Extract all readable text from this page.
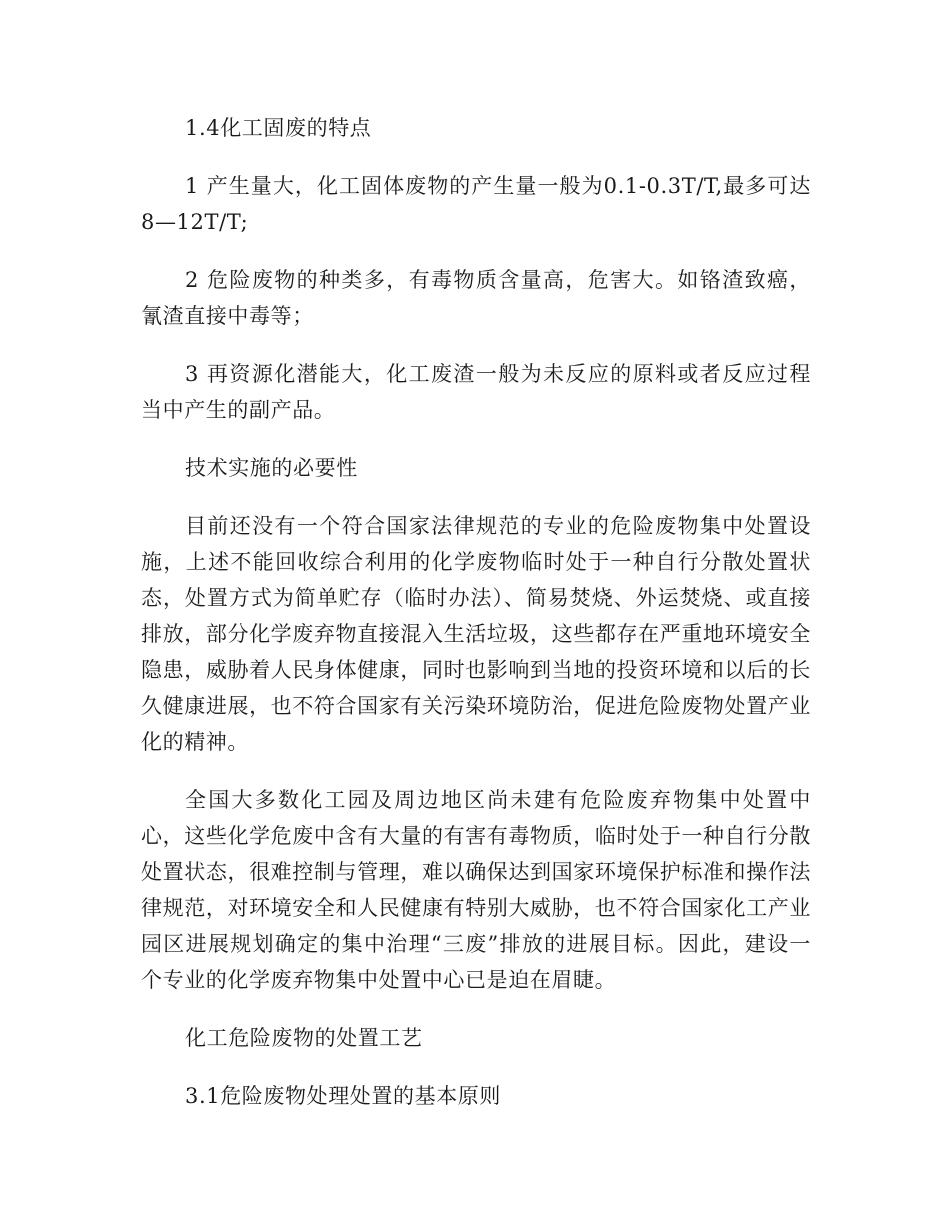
1.4化工固废的特点

1 产生量大，化工固体废物的产生量一般为0.1-0.3T/T,最多可达8—12T/T;

2 危险废物的种类多，有毒物质含量高，危害大。如铬渣致癌，氰渣直接中毒等；

3 再资源化潜能大，化工废渣一般为未反应的原料或者反应过程当中产生的副产品。

技术实施的必要性

目前还没有一个符合国家法律规范的专业的危险废物集中处置设施，上述不能回收综合利用的化学废物临时处于一种自行分散处置状态，处置方式为简单贮存（临时办法）、简易焚烧、外运焚烧、或直接排放，部分化学废弃物直接混入生活垃圾，这些都存在严重地环境安全隐患，威胁着人民身体健康，同时也影响到当地的投资环境和以后的长久健康进展，也不符合国家有关污染环境防治，促进危险废物处置产业化的精神。

全国大多数化工园及周边地区尚未建有危险废弃物集中处置中心，这些化学危废中含有大量的有害有毒物质，临时处于一种自行分散处置状态，很难控制与管理，难以确保达到国家环境保护标准和操作法律规范，对环境安全和人民健康有特别大威胁，也不符合国家化工产业园区进展规划确定的集中治理“三废”排放的进展目标。因此，建设一个专业的化学废弃物集中处置中心已是迫在眉睫。

化工危险废物的处置工艺

3.1危险废物处理处置的基本原则
